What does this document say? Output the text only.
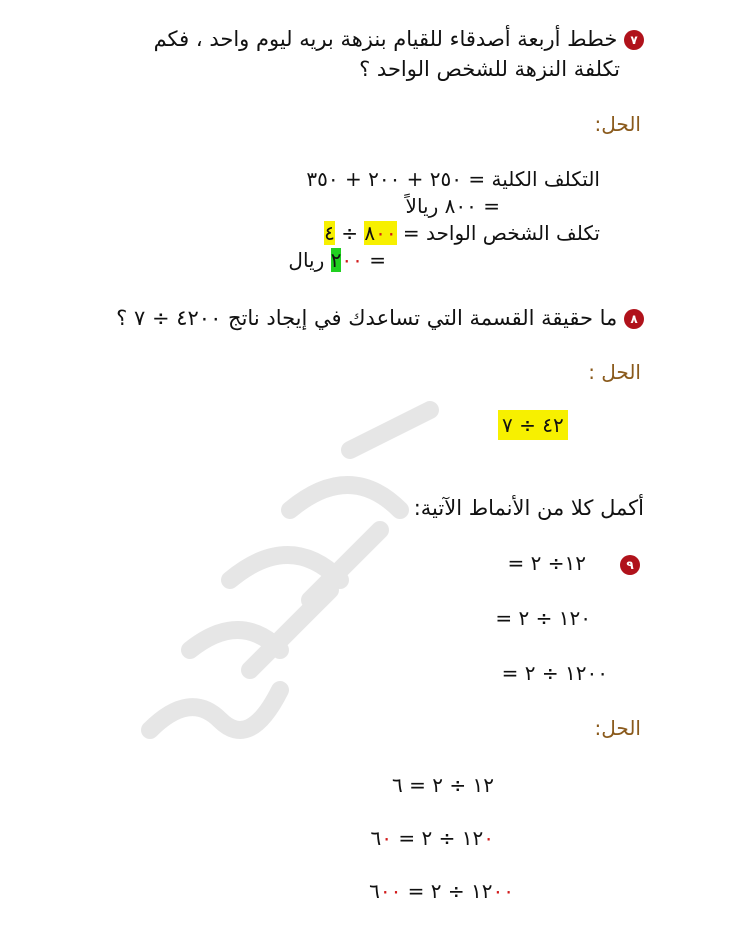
٧ خطط أربعة أصدقاء للقيام بنزهة بريه ليوم واحد ، فكم
تكلفة النزهة للشخص الواحد ؟
الحل:
التكلف الكلية = ٢٥٠ + ٢٠٠ + ٣٥٠
= ٨٠٠ ريالاً
تكلف الشخص الواحد = ٨٠٠ ÷ ٤
= ٢٠٠ ريال
٨ ما حقيقة القسمة التي تساعدك في إيجاد ناتج ٤٢٠٠ ÷ ٧ ؟
الحل :
٤٢ ÷ ٧
أكمل كلا من الأنماط الآتية:
٩
١٢÷ ٢ =
١٢٠ ÷ ٢ =
١٢٠٠ ÷ ٢ =
الحل:
١٢ ÷ ٢ = ٦
١٢٠ ÷ ٢ = ٦٠
١٢٠٠ ÷ ٢ = ٦٠٠
